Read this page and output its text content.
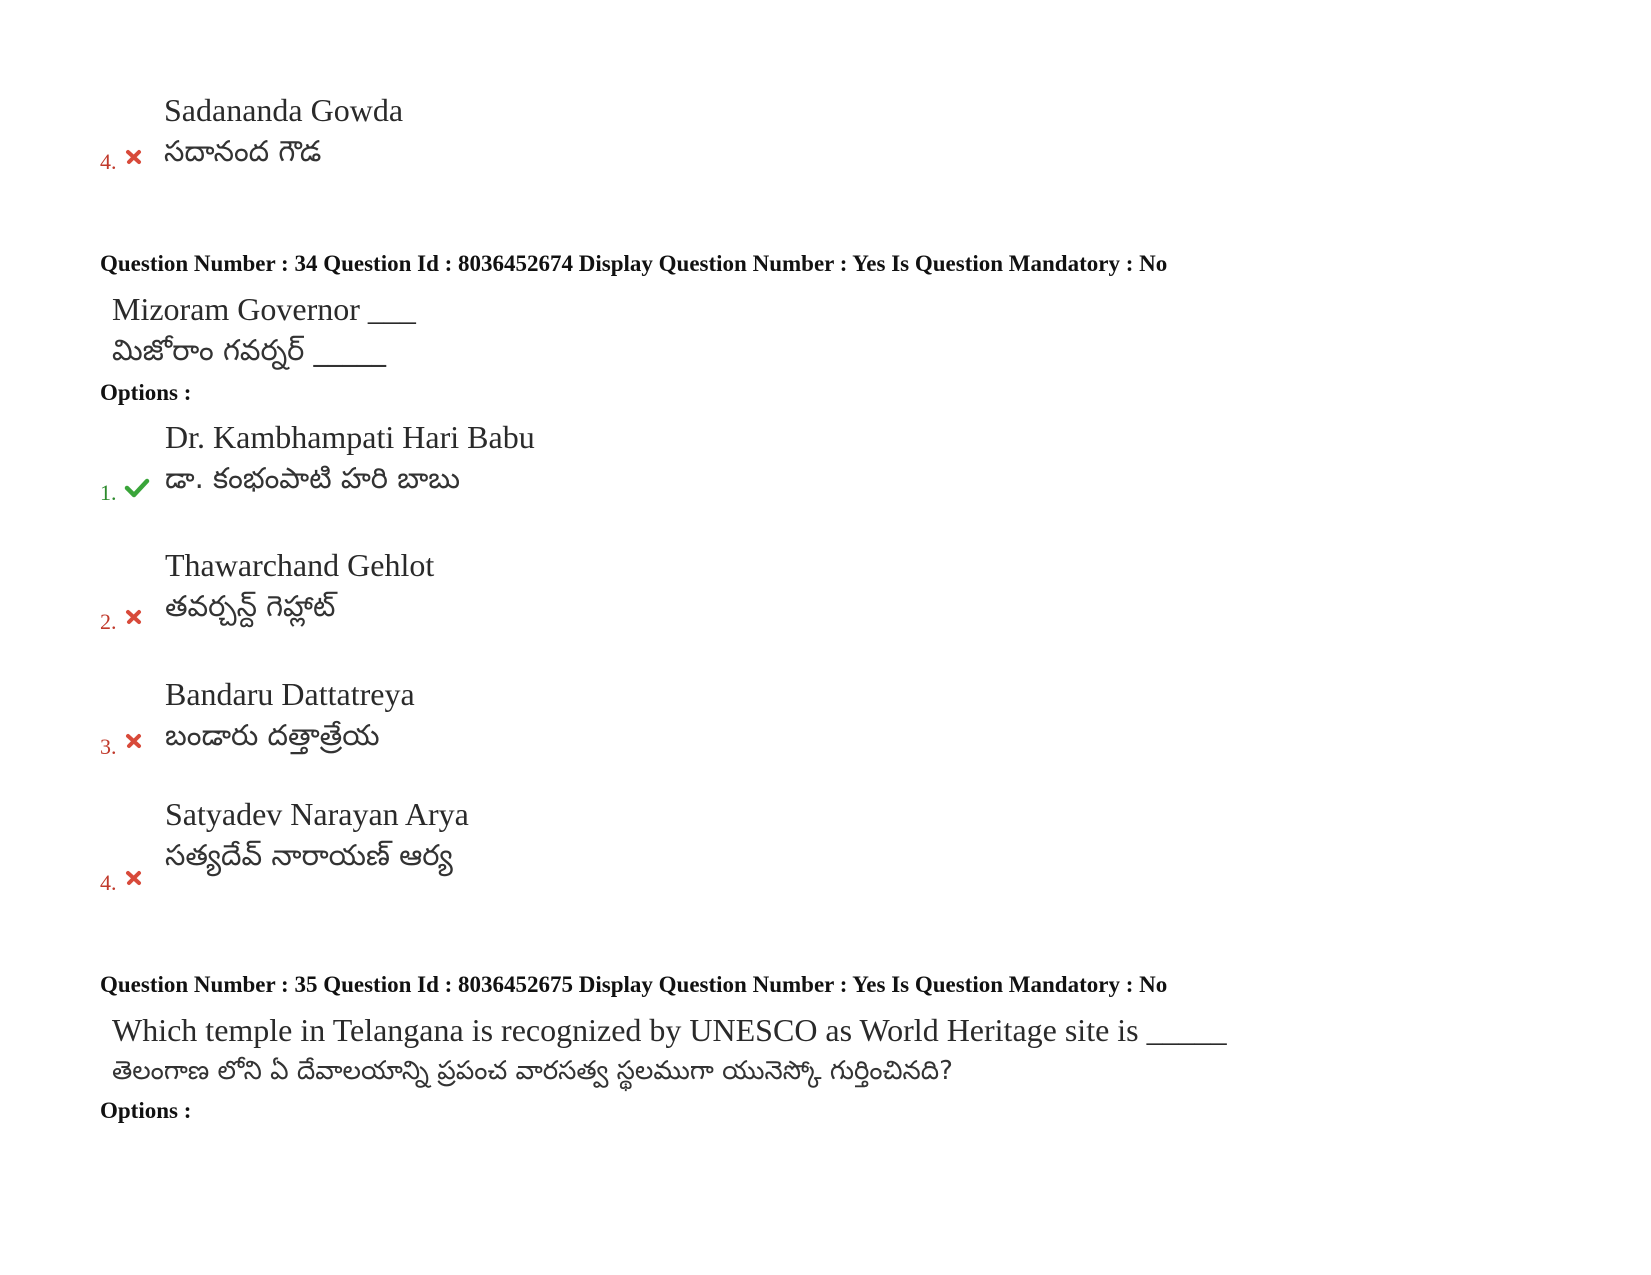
Sadananda Gowda
సదానంద గౌడ
4.
Question Number : 34 Question Id : 8036452674 Display Question Number : Yes Is Question Mandatory : No
Mizoram Governor ___
మిజోరాం గవర్నర్ _____
Options :
Dr. Kambhampati Hari Babu
డా. కంభంపాటి హరి బాబు
1.
Thawarchand Gehlot
తవర్చన్ద్ గెహ్లాట్
2.
Bandaru Dattatreya
బండారు దత్తాత్రేయ
3.
Satyadev Narayan Arya
సత్యదేవ్ నారాయణ్ ఆర్య
4.
Question Number : 35 Question Id : 8036452675 Display Question Number : Yes Is Question Mandatory : No
Which temple in Telangana is recognized by UNESCO as World Heritage site is _____
తెలంగాణ లోని ఏ దేవాలయాన్ని ప్రపంచ వారసత్వ స్థలముగా యునెస్కో గుర్తించినది?
Options :
